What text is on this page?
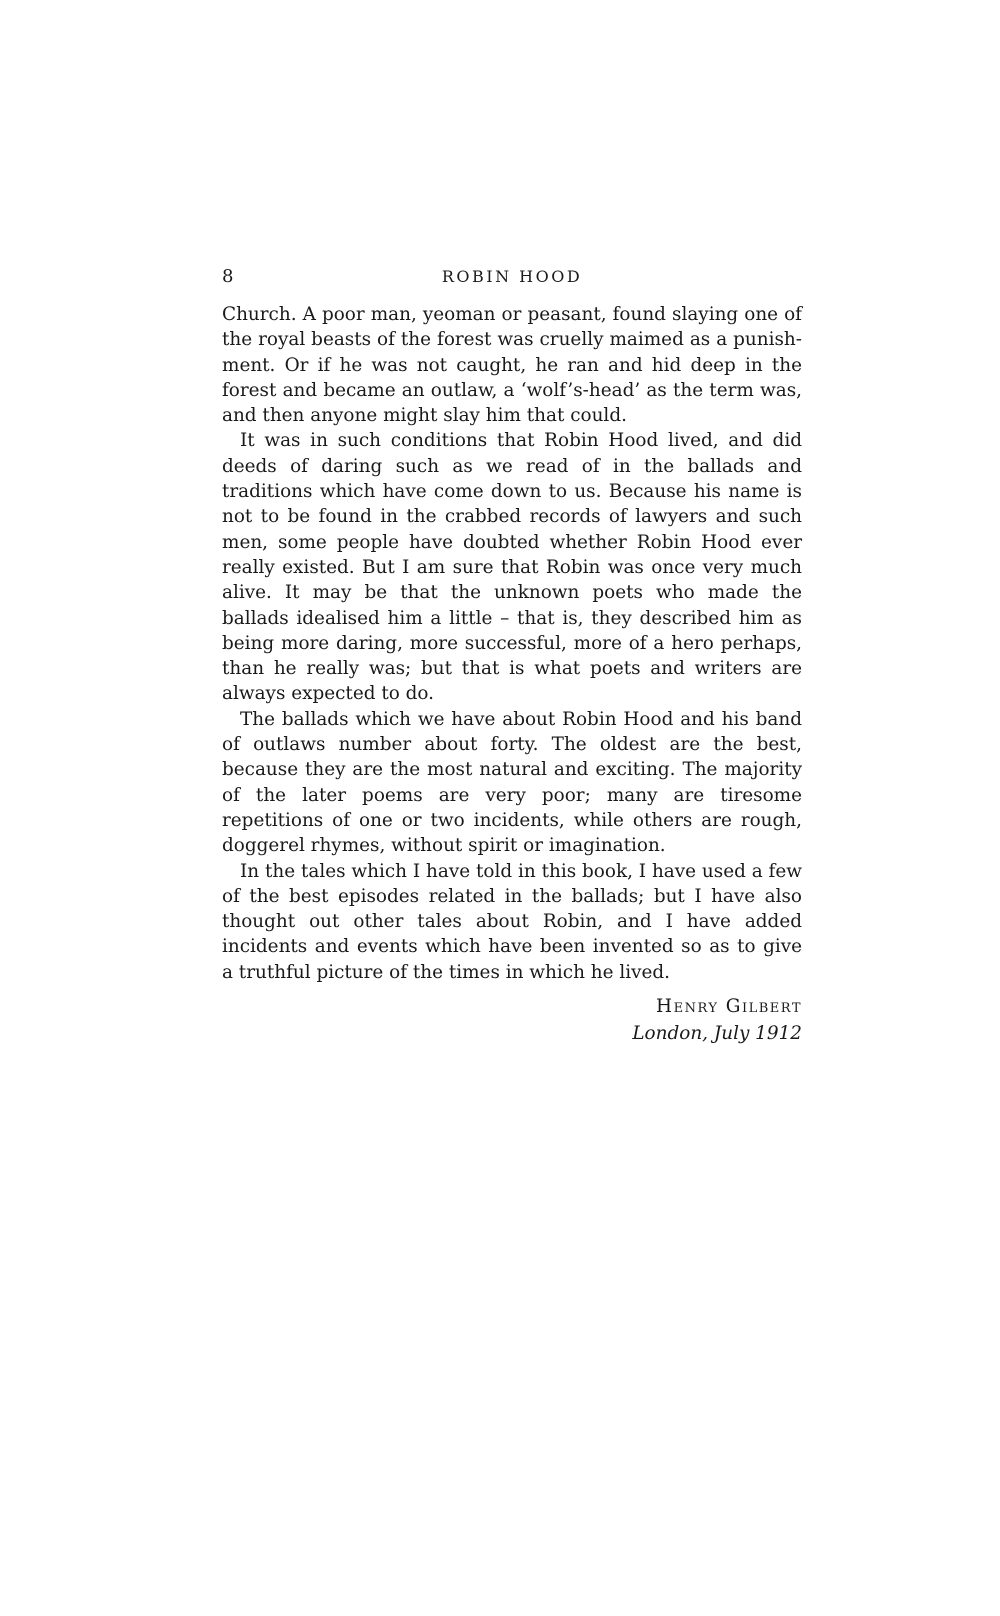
8	ROBIN HOOD

Church. A poor man, yeoman or peasant, found slaying one of the royal beasts of the forest was cruelly maimed as a punishment. Or if he was not caught, he ran and hid deep in the forest and became an outlaw, a ‘wolf’s-head’ as the term was, and then anyone might slay him that could.

It was in such conditions that Robin Hood lived, and did deeds of daring such as we read of in the ballads and traditions which have come down to us. Because his name is not to be found in the crabbed records of lawyers and such men, some people have doubted whether Robin Hood ever really existed. But I am sure that Robin was once very much alive. It may be that the unknown poets who made the ballads idealised him a little – that is, they described him as being more daring, more successful, more of a hero perhaps, than he really was; but that is what poets and writers are always expected to do.

The ballads which we have about Robin Hood and his band of outlaws number about forty. The oldest are the best, because they are the most natural and exciting. The majority of the later poems are very poor; many are tiresome repetitions of one or two incidents, while others are rough, doggerel rhymes, without spirit or imagination.

In the tales which I have told in this book, I have used a few of the best episodes related in the ballads; but I have also thought out other tales about Robin, and I have added incidents and events which have been invented so as to give a truthful picture of the times in which he lived.

Henry Gilbert
London, July 1912
